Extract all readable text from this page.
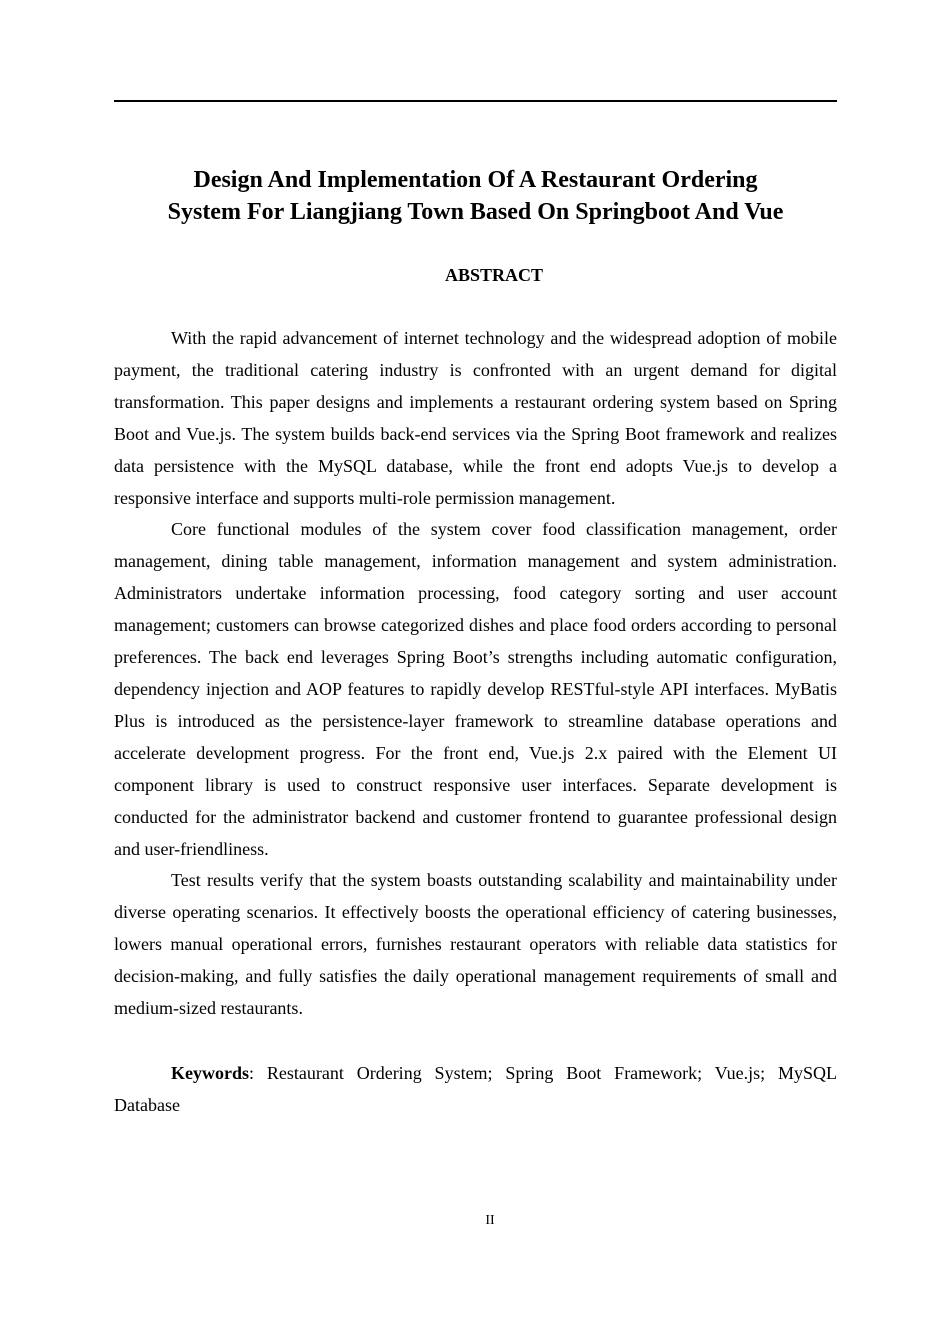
Design And Implementation Of A Restaurant Ordering
System For Liangjiang Town Based On Springboot And Vue
ABSTRACT

With the rapid advancement of internet technology and the widespread adoption of mobile payment, the traditional catering industry is confronted with an urgent demand for digital transformation. This paper designs and implements a restaurant ordering system based on Spring Boot and Vue.js. The system builds back-end services via the Spring Boot framework and realizes data persistence with the MySQL database, while the front end adopts Vue.js to develop a responsive interface and supports multi-role permission management.

Core functional modules of the system cover food classification management, order management, dining table management, information management and system administration. Administrators undertake information processing, food category sorting and user account management; customers can browse categorized dishes and place food orders according to personal preferences. The back end leverages Spring Boot’s strengths including automatic configuration, dependency injection and AOP features to rapidly develop RESTful-style API interfaces. MyBatis Plus is introduced as the persistence-layer framework to streamline database operations and accelerate development progress. For the front end, Vue.js 2.x paired with the Element UI component library is used to construct responsive user interfaces. Separate development is conducted for the administrator backend and customer frontend to guarantee professional design and user-friendliness.

Test results verify that the system boasts outstanding scalability and maintainability under diverse operating scenarios. It effectively boosts the operational efficiency of catering businesses, lowers manual operational errors, furnishes restaurant operators with reliable data statistics for decision-making, and fully satisfies the daily operational management requirements of small and medium-sized restaurants.

Keywords: Restaurant Ordering System; Spring Boot Framework; Vue.js; MySQL Database

II
